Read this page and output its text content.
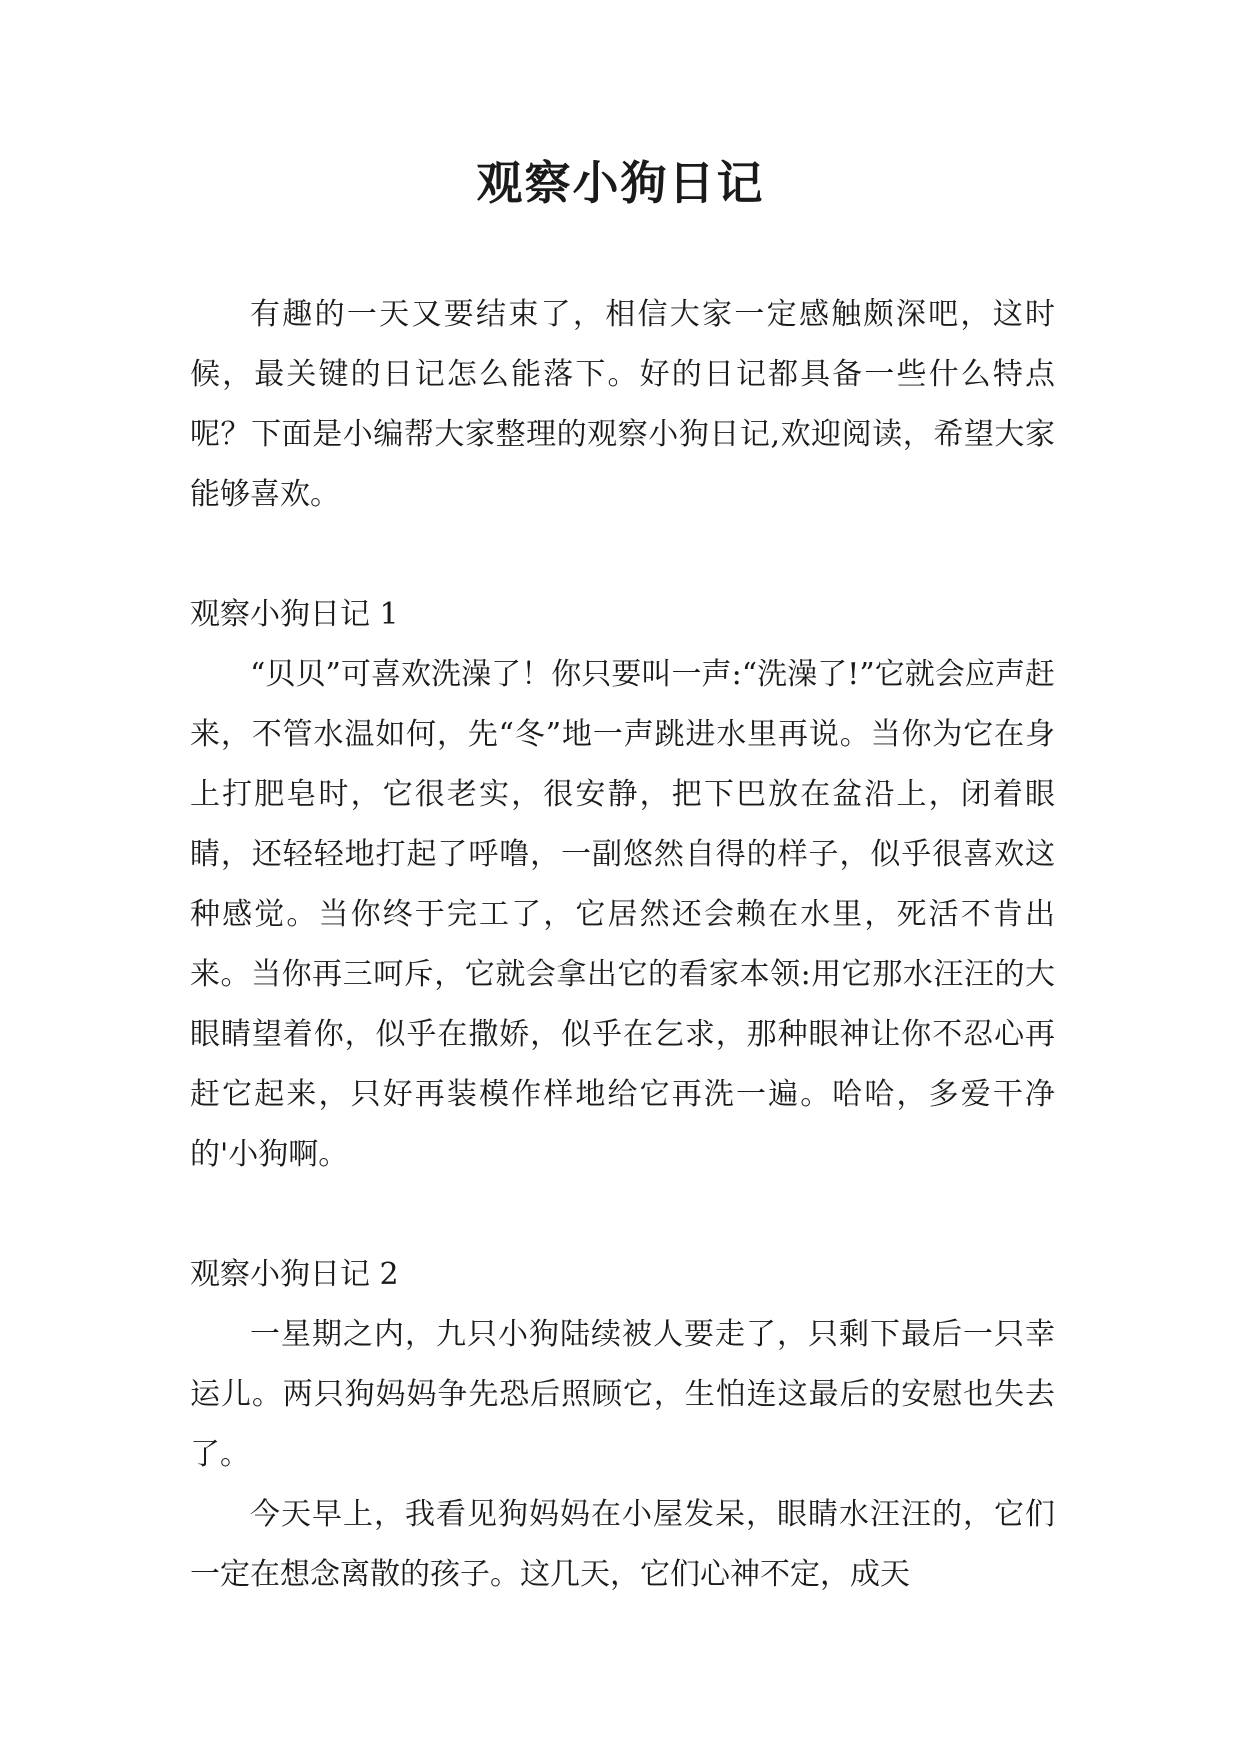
观察小狗日记

有趣的一天又要结束了，相信大家一定感触颇深吧，这时候，最关键的日记怎么能落下。好的日记都具备一些什么特点呢？下面是小编帮大家整理的观察小狗日记,欢迎阅读，希望大家能够喜欢。

观察小狗日记 1

“贝贝”可喜欢洗澡了！你只要叫一声:“洗澡了!”它就会应声赶来，不管水温如何，先“冬”地一声跳进水里再说。当你为它在身上打肥皂时，它很老实，很安静，把下巴放在盆沿上，闭着眼睛，还轻轻地打起了呼噜，一副悠然自得的样子，似乎很喜欢这种感觉。当你终于完工了，它居然还会赖在水里，死活不肯出来。当你再三呵斥，它就会拿出它的看家本领:用它那水汪汪的大眼睛望着你，似乎在撒娇，似乎在乞求，那种眼神让你不忍心再赶它起来，只好再装模作样地给它再洗一遍。哈哈，多爱干净的'小狗啊。

观察小狗日记 2

一星期之内，九只小狗陆续被人要走了，只剩下最后一只幸运儿。两只狗妈妈争先恐后照顾它，生怕连这最后的安慰也失去了。

今天早上，我看见狗妈妈在小屋发呆，眼睛水汪汪的，它们一定在想念离散的孩子。这几天，它们心神不定，成天
